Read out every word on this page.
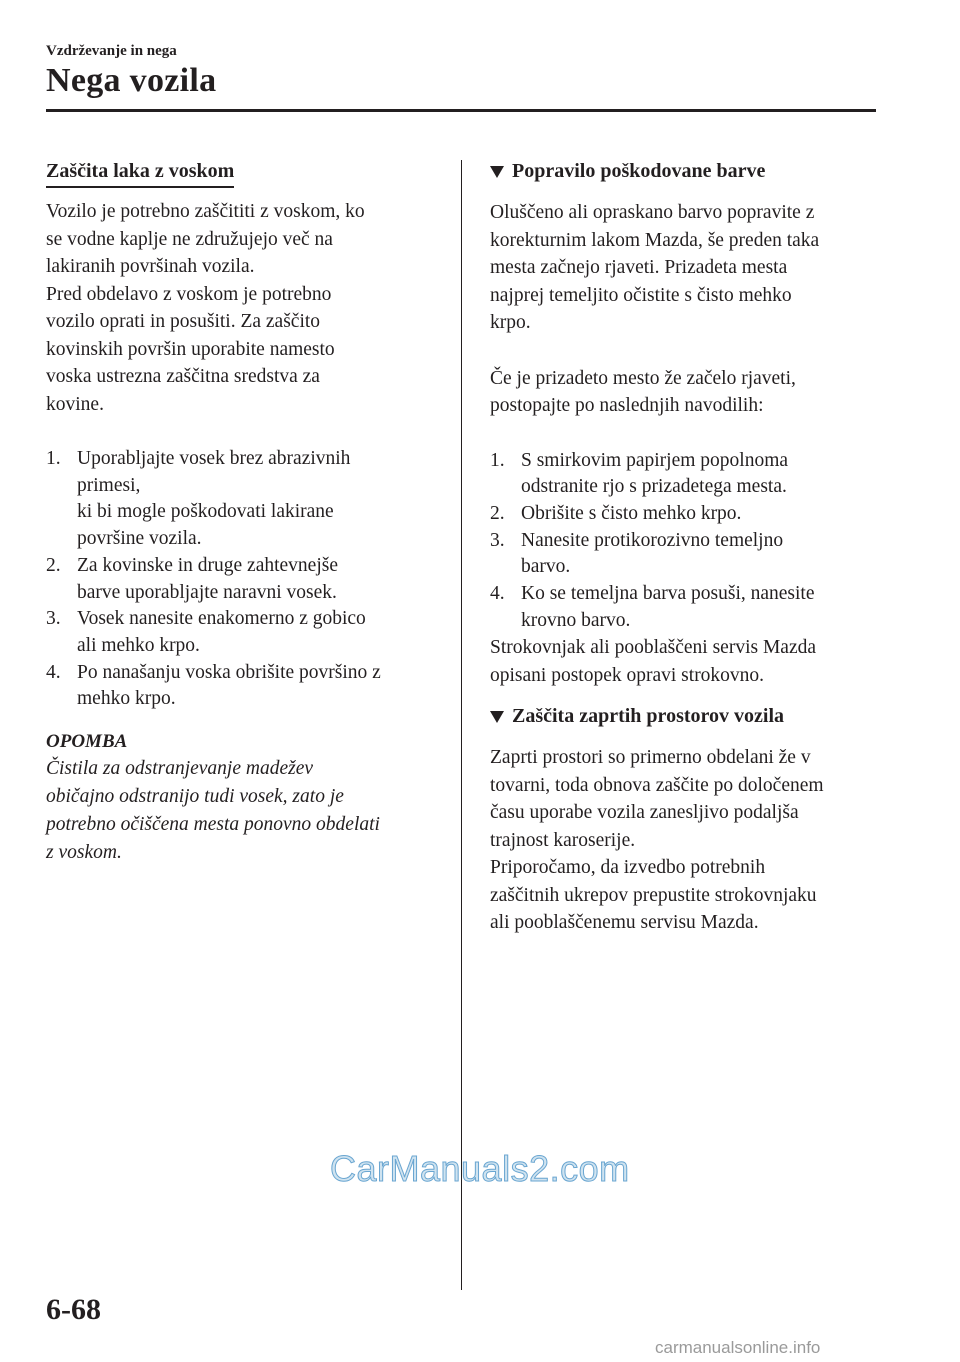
Vzdrževanje in nega

Nega vozila
Zaščita laka z voskom

Vozilo je potrebno zaščititi z voskom, ko
se vodne kaplje ne združujejo več na
lakiranih površinah vozila.
Pred obdelavo z voskom je potrebno
vozilo oprati in posušiti. Za zaščito
kovinskih površin uporabite namesto
voska ustrezna zaščitna sredstva za
kovine.

1. Uporabljajte vosek brez abrazivnih
primesi,
ki bi mogle poškodovati lakirane
površine vozila.
2. Za kovinske in druge zahtevnejše
barve uporabljajte naravni vosek.
3. Vosek nanesite enakomerno z gobico
ali mehko krpo.
4. Po nanašanju voska obrišite površino z
mehko krpo.

OPOMBA

Čistila za odstranjevanje madežev
običajno odstranijo tudi vosek, zato je
potrebno očiščena mesta ponovno obdelati
z voskom.

Popravilo poškodovane barve

Oluščeno ali opraskano barvo popravite z
korekturnim lakom Mazda, še preden taka
mesta začnejo rjaveti. Prizadeta mesta
najprej temeljito očistite s čisto mehko
krpo.

Če je prizadeto mesto že začelo rjaveti,
postopajte po naslednjih navodilih:

1. S smirkovim papirjem popolnoma
odstranite rjo s prizadetega mesta.
2. Obrišite s čisto mehko krpo.
3. Nanesite protikorozivno temeljno
barvo.
4. Ko se temeljna barva posuši, nanesite
krovno barvo.

Strokovnjak ali pooblaščeni servis Mazda
opisani postopek opravi strokovno.

Zaščita zaprtih prostorov vozila

Zaprti prostori so primerno obdelani že v
tovarni, toda obnova zaščite po določenem
času uporabe vozila zanesljivo podaljša
trajnost karoserije.
Priporočamo, da izvedbo potrebnih
zaščitnih ukrepov prepustite strokovnjaku
ali pooblaščenemu servisu Mazda.

CarManuals2.com

6-68

carmanualsonline.info
